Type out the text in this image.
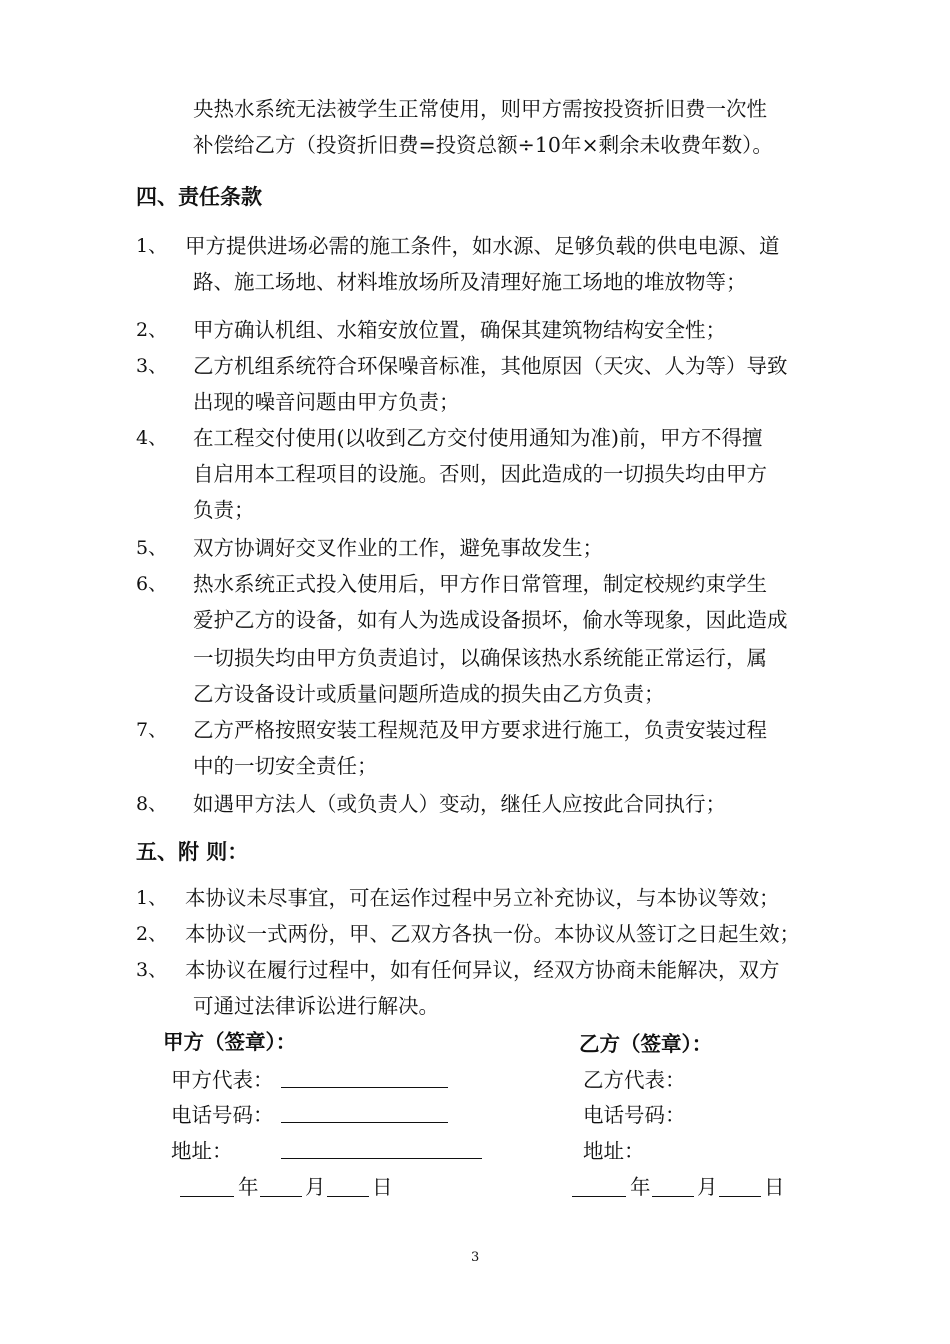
央热水系统无法被学生正常使用，则甲方需按投资折旧费一次性
补偿给乙方（投资折旧费=投资总额÷10年×剩余未收费年数）。
四、责任条款
1、 甲方提供进场必需的施工条件，如水源、足够负载的供电电源、道
路、施工场地、材料堆放场所及清理好施工场地的堆放物等；
2、 甲方确认机组、水箱安放位置，确保其建筑物结构安全性；
3、 乙方机组系统符合环保噪音标准，其他原因（天灾、人为等）导致
出现的噪音问题由甲方负责；
4、 在工程交付使用(以收到乙方交付使用通知为准)前，甲方不得擅
自启用本工程项目的设施。否则，因此造成的一切损失均由甲方
负责；
5、 双方协调好交叉作业的工作，避免事故发生；
6、 热水系统正式投入使用后，甲方作日常管理，制定校规约束学生
爱护乙方的设备，如有人为选成设备损坏，偷水等现象，因此造成
一切损失均由甲方负责追讨，以确保该热水系统能正常运行，属
乙方设备设计或质量问题所造成的损失由乙方负责；
7、 乙方严格按照安装工程规范及甲方要求进行施工，负责安装过程
中的一切安全责任；
8、 如遇甲方法人（或负责人）变动，继任人应按此合同执行；
五、附 则：
1、 本协议未尽事宜，可在运作过程中另立补充协议，与本协议等效；
2、 本协议一式两份，甲、乙双方各执一份。本协议从签订之日起生效；
3、 本协议在履行过程中，如有任何异议，经双方协商未能解决，双方
可通过法律诉讼进行解决。
甲方（签章）：
甲方代表：
电话号码：
地址：
年 月 日
乙方（签章）：
乙方代表：
电话号码：
地址：
年 月 日
3
